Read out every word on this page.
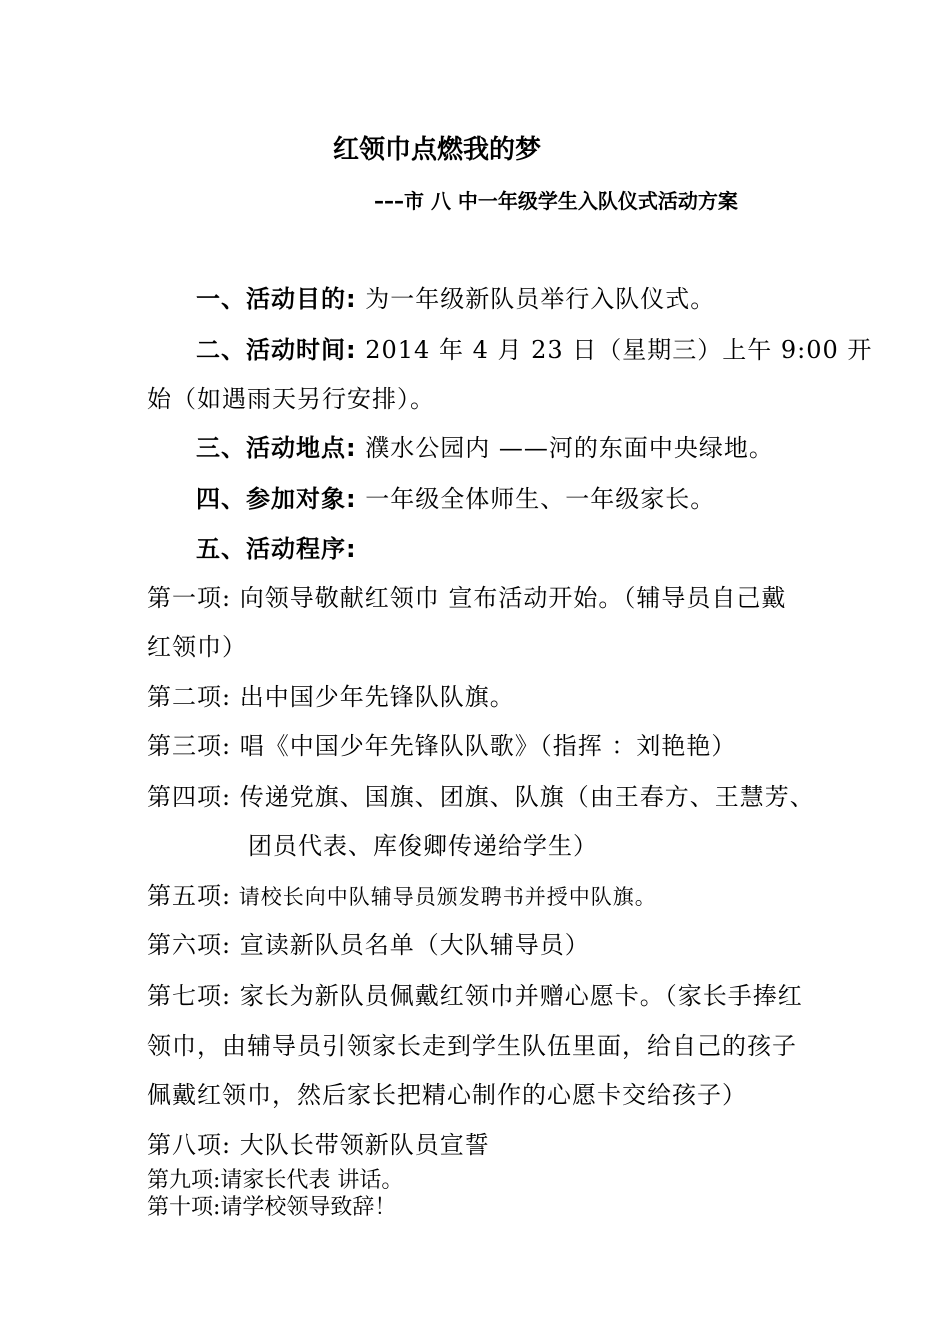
红领巾点燃我的梦
–––市 八 中一年级学生入队仪式活动方案
一、活动目的: 为一年级新队员举行入队仪式。
二、活动时间: 2014 年 4 月 23 日（星期三）上午 9:00 开
始（如遇雨天另行安排）。
三、活动地点: 濮水公园内 ——河的东面中央绿地。
四、参加对象: 一年级全体师生、一年级家长。
五、活动程序:
第一项: 向领导敬献红领巾 宣布活动开始。（辅导员自己戴
红领巾）
第二项: 出中国少年先锋队队旗。
第三项: 唱《中国少年先锋队队歌》（指挥 ：刘艳艳）
第四项: 传递党旗、国旗、团旗、队旗（由王春方、王慧芳、
团员代表、库俊卿传递给学生）
第五项: 请校长向中队辅导员颁发聘书并授中队旗。
第六项: 宣读新队员名单（大队辅导员）
第七项: 家长为新队员佩戴红领巾并赠心愿卡。（家长手捧红
领巾，由辅导员引领家长走到学生队伍里面，给自己的孩子
佩戴红领巾，然后家长把精心制作的心愿卡交给孩子）
第八项: 大队长带领新队员宣誓
第九项:请家长代表 讲话。
第十项:请学校领导致辞！
